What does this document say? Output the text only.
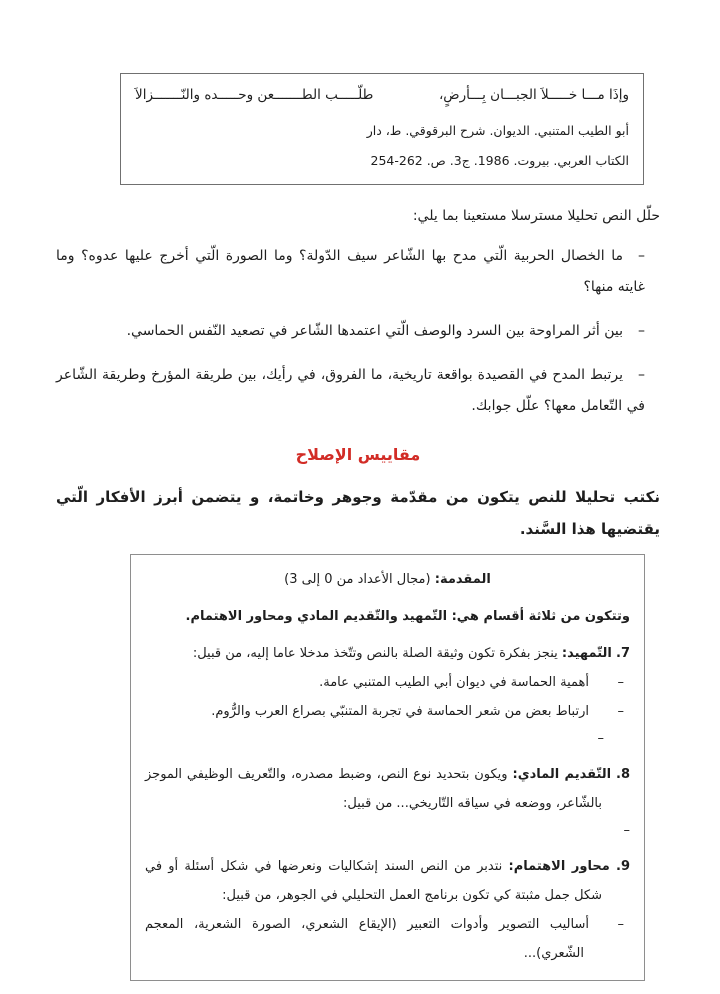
وإذَا مـــا خـــــلاَ الجبـــان بِـــأرضٍ،
طلّـــــب الطـــــــعن وحـــــده والنّـــــــزالاَ
أبو الطيب المتنبي. الديوان. شرح البرقوقي. ط، دار
الكتاب العربي. بيروت. 1986. ج3. ص. 262-254
حلّل النص تحليلا مسترسلا مستعينا بما يلي:
–ما الخصال الحربية الّتي مدح بها الشّاعر سيف الدّولة؟ وما الصورة الّتي أخرج عليها عدوه؟ وما غايته منها؟
–بين أثر المراوحة بين السرد والوصف الّتي اعتمدها الشّاعر في تصعيد النّفس الحماسي.
–يرتبط المدح في القصيدة بواقعة تاريخية، ما الفروق، في رأيك، بين طريقة المؤرخ وطريقة الشّاعر في التّعامل معها؟ علّل جوابك.
مقاييس الإصلاح
نكتب تحليلا للنص يتكون من مقدّمة وجوهر وخاتمة، و يتضمن أبرز الأفكار الّتي يقتضيها هذا السَّند.
المقدمة: (مجال الأعداد من 0 إلى 3)
وتتكون من ثلاثة أقسام هي: التّمهيد والتّقديم المادي ومحاور الاهتمام.
7. التّمهيد: ينجز بفكرة تكون وثيقة الصلة بالنص وتتّخذ مدخلا عاما إليه، من قبيل:
–أهمية الحماسة في ديوان أبي الطيب المتنبي عامة.
–ارتباط بعض من شعر الحماسة في تجربة المتنبّي بصراع العرب والرُّوم.
–
8. التّقديم المادي: ويكون بتحديد نوع النص، وضبط مصدره، والتّعريف الوظيفي الموجز بالشّاعر، ووضعه في سياقه التّاريخي... من قبيل:
–
9. محاور الاهتمام: نتدبر من النص السند إشكاليات ونعرضها في شكل أسئلة أو في شكل جمل مثبتة كي تكون برنامج العمل التحليلي في الجوهر، من قبيل:
–أساليب التصوير وأدوات التعبير (الإيقاع الشعري، الصورة الشعرية، المعجم الشّعري)...
